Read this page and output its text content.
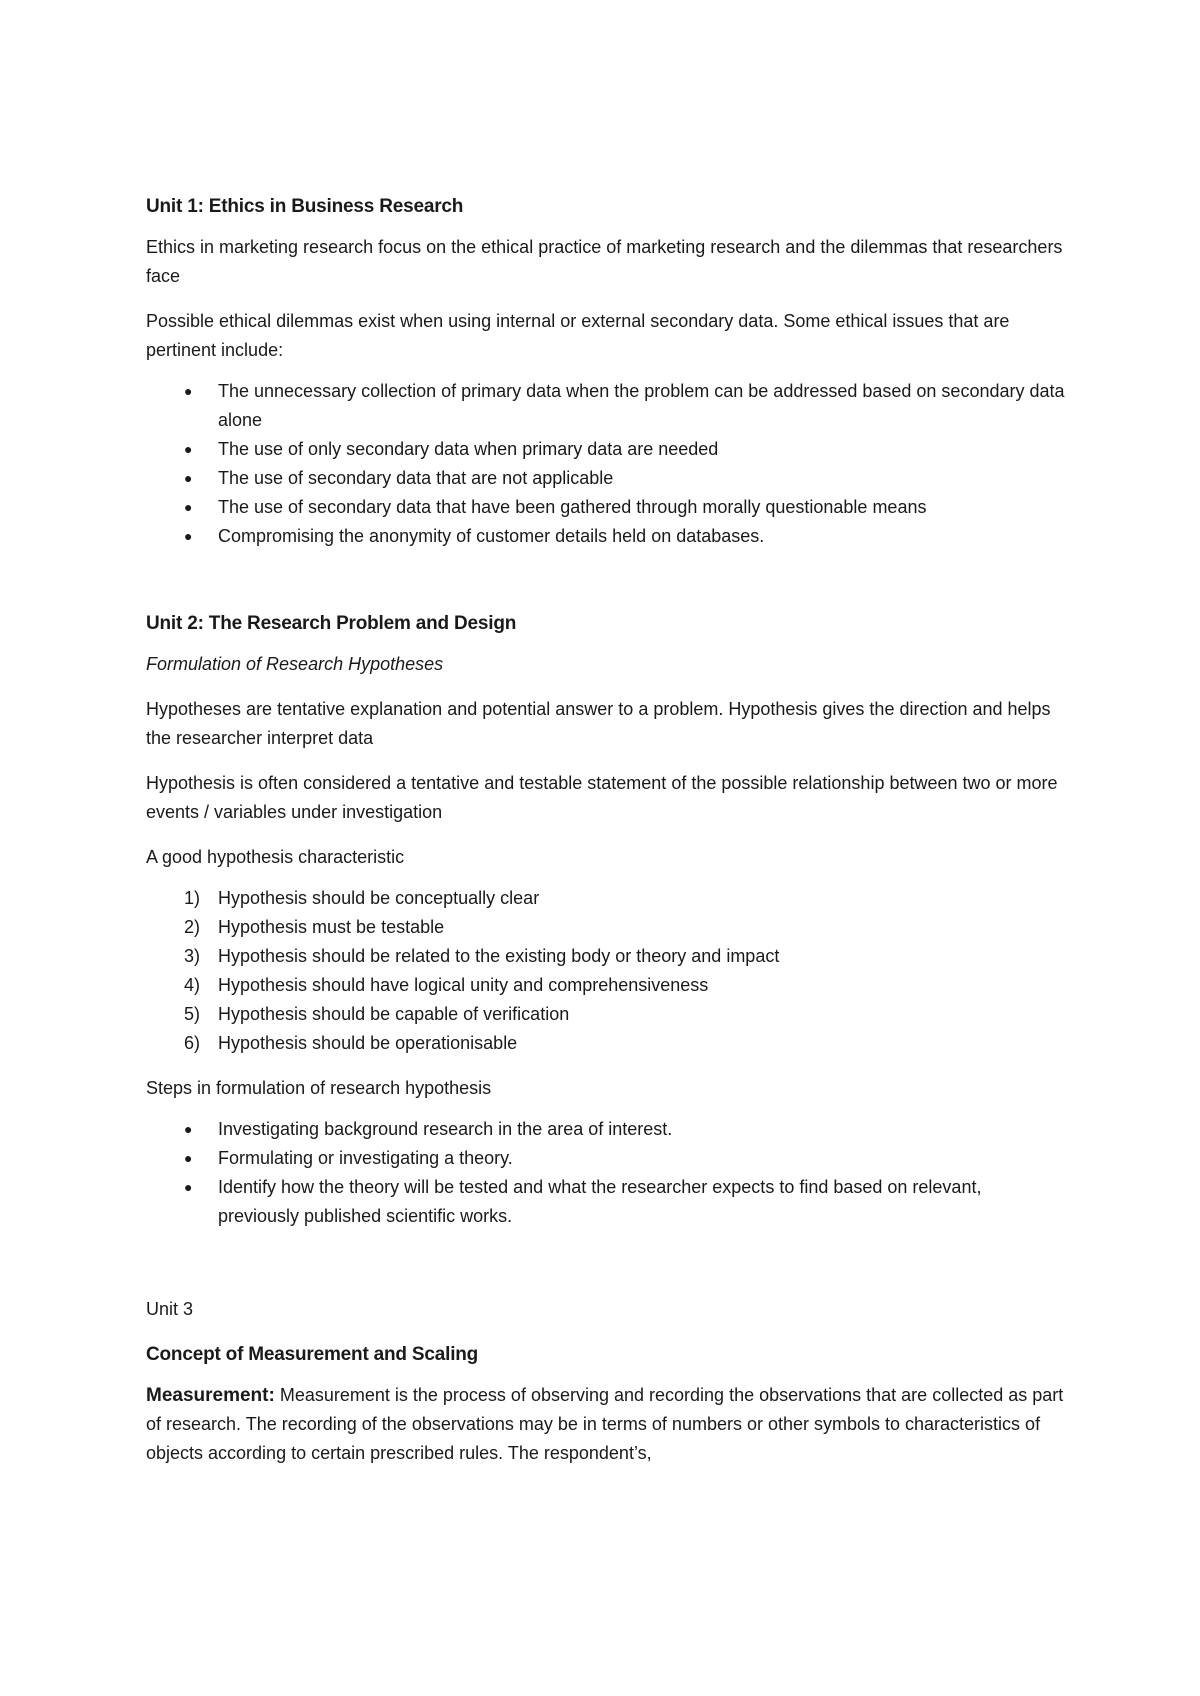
Unit 1: Ethics in Business Research

Ethics in marketing research focus on the ethical practice of marketing research and the dilemmas that researchers face

Possible ethical dilemmas exist when using internal or external secondary data. Some ethical issues that are pertinent include:

● The unnecessary collection of primary data when the problem can be addressed based on secondary data alone
● The use of only secondary data when primary data are needed
● The use of secondary data that are not applicable
● The use of secondary data that have been gathered through morally questionable means
● Compromising the anonymity of customer details held on databases.
Unit 2: The Research Problem and Design

Formulation of Research Hypotheses

Hypotheses are tentative explanation and potential answer to a problem. Hypothesis gives the direction and helps the researcher interpret data

Hypothesis is often considered a tentative and testable statement of the possible relationship between two or more events / variables under investigation

A good hypothesis characteristic

1) Hypothesis should be conceptually clear
2) Hypothesis must be testable
3) Hypothesis should be related to the existing body or theory and impact
4) Hypothesis should have logical unity and comprehensiveness
5) Hypothesis should be capable of verification
6) Hypothesis should be operationisable

Steps in formulation of research hypothesis

● Investigating background research in the area of interest.
● Formulating or investigating a theory.
● Identify how the theory will be tested and what the researcher expects to find based on relevant, previously published scientific works.

Unit 3

Concept of Measurement and Scaling

Measurement: Measurement is the process of observing and recording the observations that are collected as part of research. The recording of the observations may be in terms of numbers or other symbols to characteristics of objects according to certain prescribed rules. The respondent’s,
